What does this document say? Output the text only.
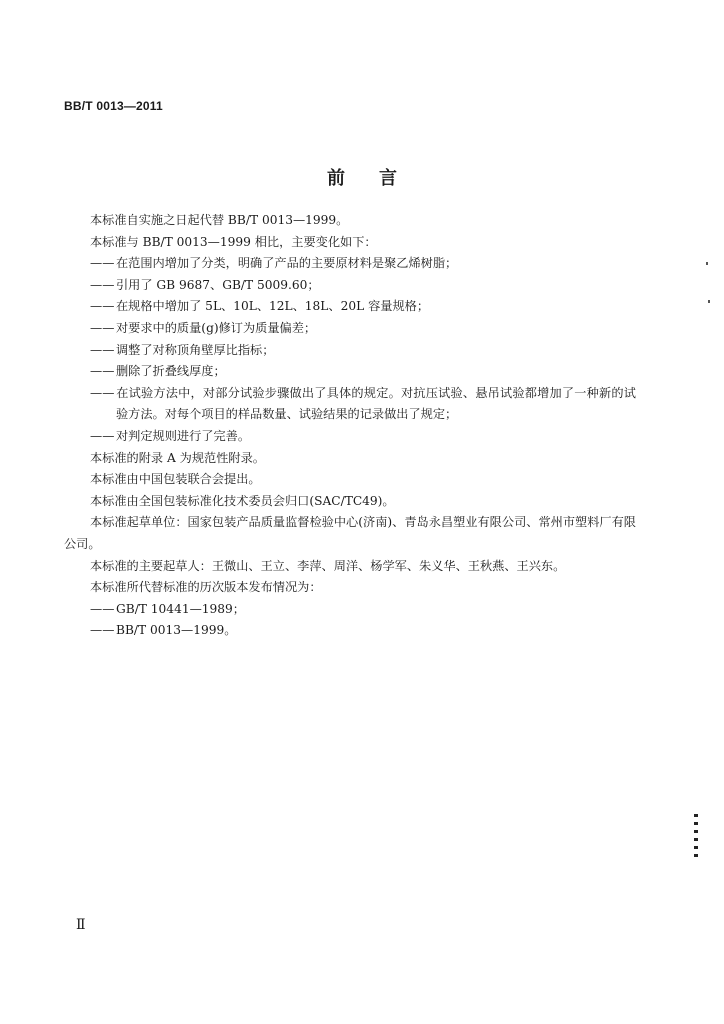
BB/T 0013—2011
前 言

本标准自实施之日起代替 BB/T 0013—1999。

本标准与 BB/T 0013—1999 相比，主要变化如下：

—— 在范围内增加了分类，明确了产品的主要原材料是聚乙烯树脂；

—— 引用了 GB 9687、GB/T 5009.60；

—— 在规格中增加了 5L、10L、12L、18L、20L 容量规格；

—— 对要求中的质量(g)修订为质量偏差；

—— 调整了对称顶角壁厚比指标；

—— 删除了折叠线厚度；

—— 在试验方法中，对部分试验步骤做出了具体的规定。对抗压试验、悬吊试验都增加了一种新的试验方法。对每个项目的样品数量、试验结果的记录做出了规定；

—— 对判定规则进行了完善。

本标准的附录 A 为规范性附录。

本标准由中国包装联合会提出。

本标准由全国包装标准化技术委员会归口(SAC/TC49)。

本标准起草单位：国家包装产品质量监督检验中心(济南)、青岛永昌塑业有限公司、常州市塑料厂有限公司。

本标准的主要起草人：王微山、王立、李萍、周洋、杨学军、朱义华、王秋燕、王兴东。

本标准所代替标准的历次版本发布情况为：

—— GB/T 10441—1989；

—— BB/T 0013—1999。

Ⅱ
